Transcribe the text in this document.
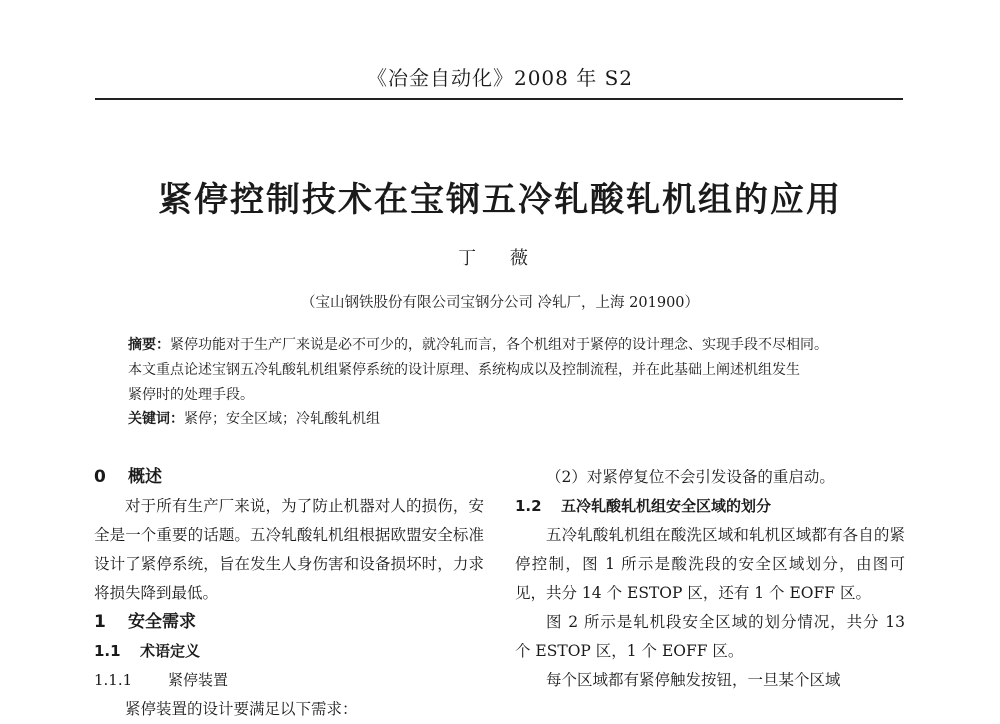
《冶金自动化》2008 年 S2
紧停控制技术在宝钢五冷轧酸轧机组的应用
丁 薇
（宝山钢铁股份有限公司宝钢分公司 冷轧厂，上海 201900）

摘要：紧停功能对于生产厂来说是必不可少的，就冷轧而言，各个机组对于紧停的设计理念、实现手段不尽相同。

本文重点论述宝钢五冷轧酸轧机组紧停系统的设计原理、系统构成以及控制流程，并在此基础上阐述机组发生

紧停时的处理手段。

关键词：紧停；安全区域；冷轧酸轧机组

0 概述

对于所有生产厂来说，为了防止机器对人的损伤，安全是一个重要的话题。五冷轧酸轧机组根据欧盟安全标准设计了紧停系统，旨在发生人身伤害和设备损坏时，力求将损失降到最低。

1 安全需求

1.1 术语定义

1.1.1 紧停装置

紧停装置的设计要满足以下需求：

（2）对紧停复位不会引发设备的重启动。

1.2 五冷轧酸轧机组安全区域的划分

五冷轧酸轧机组在酸洗区域和轧机区域都有各自的紧停控制，图 1 所示是酸洗段的安全区域划分，由图可见，共分 14 个 ESTOP 区，还有 1 个 EOFF 区。

图 2 所示是轧机段安全区域的划分情况，共分 13 个 ESTOP 区，1 个 EOFF 区。

每个区域都有紧停触发按钮，一旦某个区域
